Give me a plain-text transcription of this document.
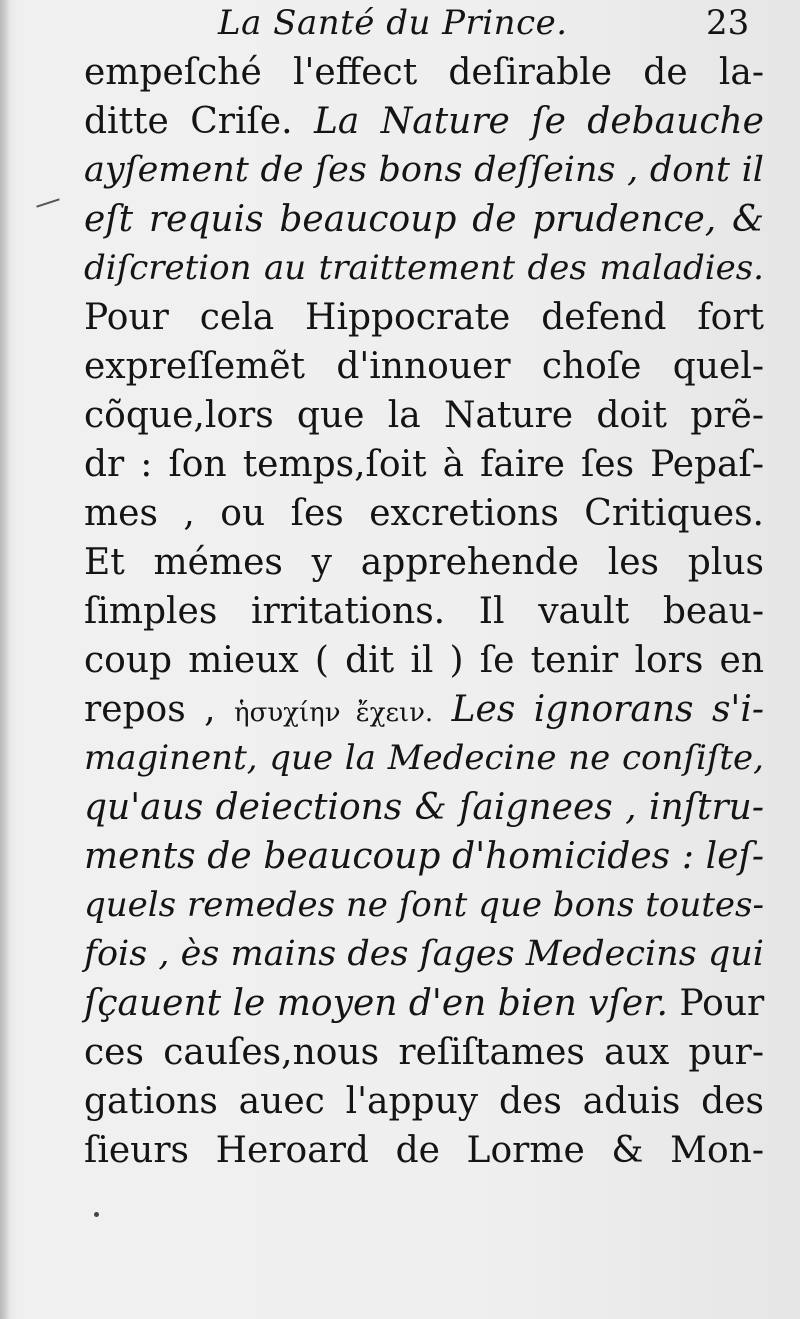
La Santé du Prince.	23
empeſché l'effect deſirable de la-
ditte Criſe. La Nature ſe debauche
ayſement de ſes bons deſſeins , dont il
eſt requis beaucoup de prudence, &
diſcretion au traittement des maladies.
Pour cela Hippocrate defend fort
expreſſemẽt d'innouer choſe quel-
cõque,lors que la Nature doit prẽ-
dr : ſon temps,ſoit à faire ſes Pepaſ-
mes , ou ſes excretions Critiques.
Et mémes y apprehende les plus
ſimples irritations. Il vault beau-
coup mieux ( dit il ) ſe tenir lors en
repos , ἡσυχίην ἔχειν. Les ignorans s'i-
maginent, que la Medecine ne conſiſte,
qu'aus deiections & ſaignees , inſtru-
ments de beaucoup d'homicides : leſ-
quels remedes ne ſont que bons toutes-
fois , ès mains des ſages Medecins qui
ſçauent le moyen d'en bien vſer. Pour
ces cauſes,nous reſiſtames aux pur-
gations auec l'appuy des aduis des
ſieurs Heroard de Lorme & Mon-
